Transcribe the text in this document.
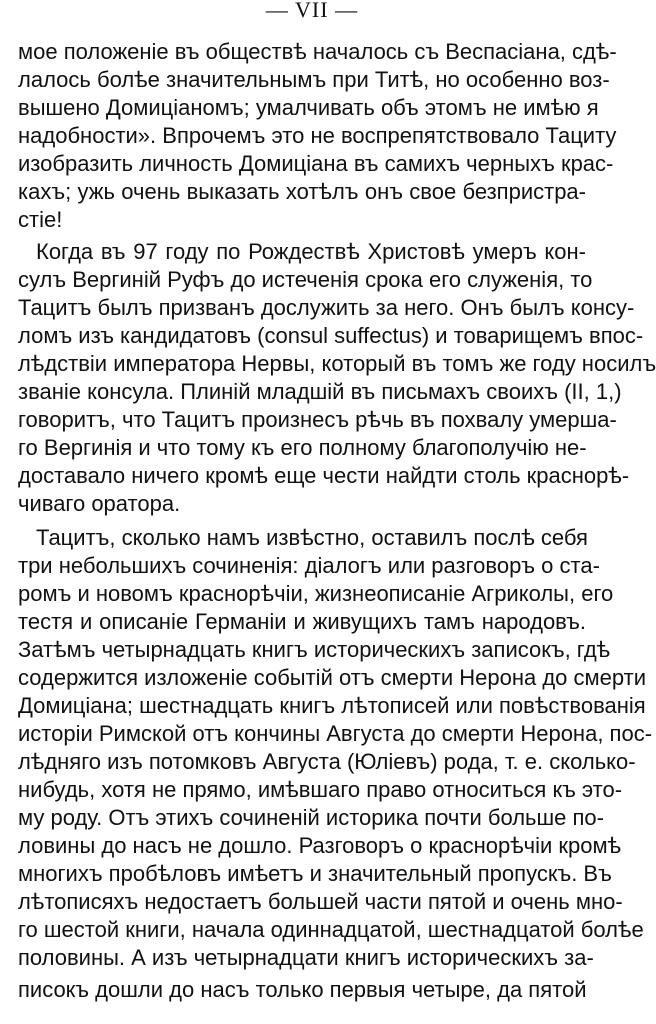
— VII —
мое положеніе въ обществѣ началось съ Веспасіана, сдѣ-
лалось болѣе значительнымъ при Титѣ, но особенно воз-
вышено Домиціаномъ; умалчивать объ этомъ не имѣю я
надобности». Впрочемъ это не воспрепятствовало Тациту
изобразить личность Домиціана въ самихъ черныхъ крас-
кахъ; ужь очень выказать хотѣлъ онъ свое безпристра-
стіе!
Когда въ 97 году по Рождествѣ Христовѣ умеръ кон-
сулъ Вергиній Руфъ до истеченія срока его служенія, то
Тацитъ былъ призванъ дослужить за него. Онъ былъ консу-
ломъ изъ кандидатовъ (consul suffectus) и товарищемъ впос-
лѣдствіи императора Нервы, который въ томъ же году носилъ
званіе консула. Плиній младшій въ письмахъ своихъ (II, 1,)
говоритъ, что Тацитъ произнесъ рѣчь въ похвалу умерша-
го Вергинія и что тому къ его полному благополучію не-
доставало ничего кромѣ еще чести найдти столь краснорѣ-
чиваго оратора.
Тацитъ, сколько намъ извѣстно, оставилъ послѣ себя
три небольшихъ сочиненія: діалогъ или разговоръ о ста-
ромъ и новомъ краснорѣчіи, жизнеописаніе Агриколы, его
тестя и описаніе Германіи и живущихъ тамъ народовъ.
Затѣмъ четырнадцать книгъ историческихъ записокъ, гдѣ
содержится изложеніе событій отъ смерти Нерона до смерти
Домиціана; шестнадцать книгъ лѣтописей или повѣствованія
исторіи Римской отъ кончины Августа до смерти Нерона, пос-
лѣдняго изъ потомковъ Августа (Юліевъ) рода, т. е. сколько-
нибудь, хотя не прямо, имѣвшаго право относиться къ это-
му роду. Отъ этихъ сочиненій историка почти больше по-
ловины до насъ не дошло. Разговоръ о краснорѣчіи кромѣ
многихъ пробѣловъ имѣетъ и значительный пропускъ. Въ
лѣтописяхъ недостаетъ большей части пятой и очень мно-
го шестой книги, начала одиннадцатой, шестнадцатой болѣе
половины. А изъ четырнадцати книгъ историческихъ за-
писокъ дошли до насъ только первыя четыре, да пятой
